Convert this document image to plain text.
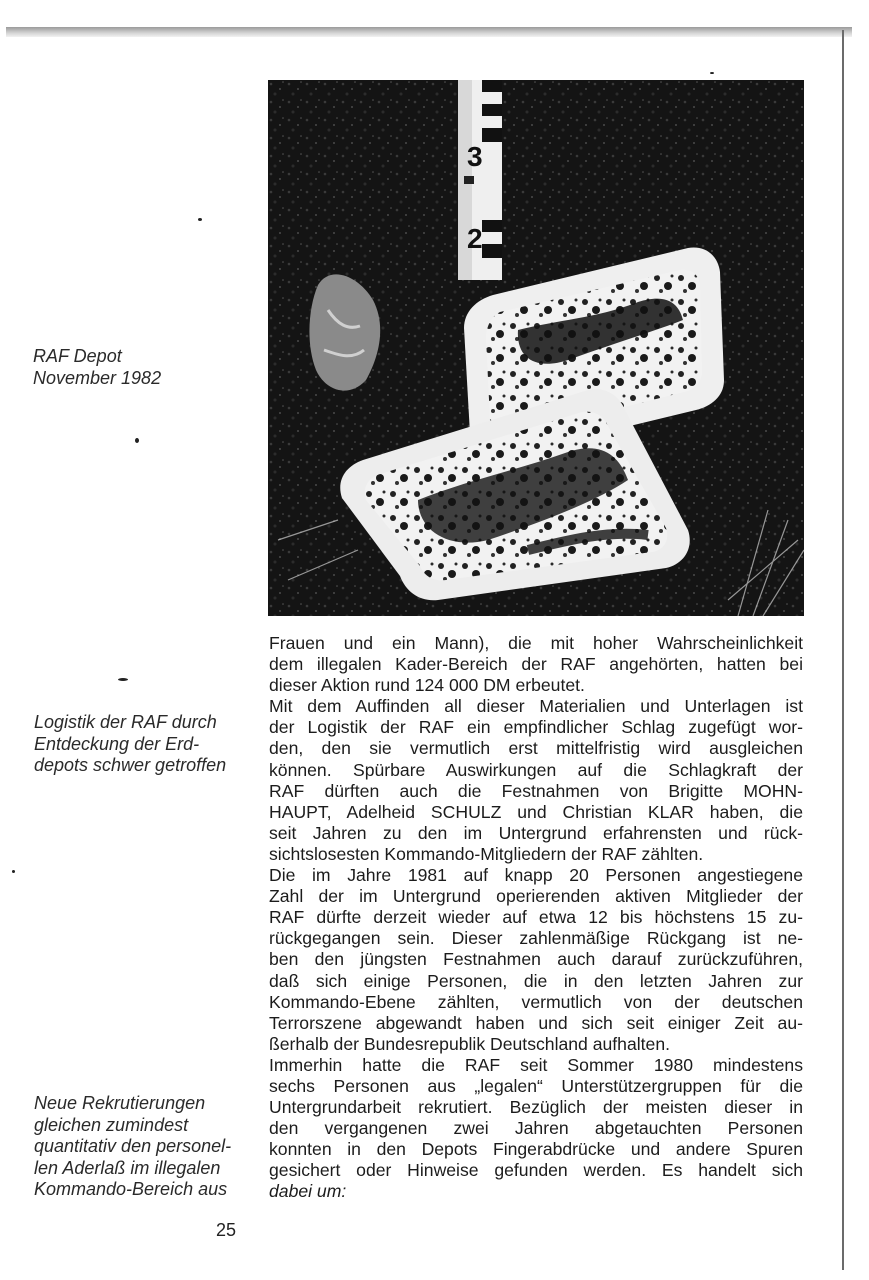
3
2
RAF Depot
November 1982
Logistik der RAF durch
Entdeckung der Erd-
depots schwer getroffen
Neue Rekrutierungen
gleichen zumindest
quantitativ den personel-
len Aderlaß im illegalen
Kommando-Bereich aus
Frauen und ein Mann), die mit hoher Wahrscheinlichkeit
dem illegalen Kader-Bereich der RAF angehörten, hatten bei
dieser Aktion rund 124 000 DM erbeutet.
Mit dem Auffinden all dieser Materialien und Unterlagen ist
der Logistik der RAF ein empfindlicher Schlag zugefügt wor-
den, den sie vermutlich erst mittelfristig wird ausgleichen
können. Spürbare Auswirkungen auf die Schlagkraft der
RAF dürften auch die Festnahmen von Brigitte MOHN-
HAUPT, Adelheid SCHULZ und Christian KLAR haben, die
seit Jahren zu den im Untergrund erfahrensten und rück-
sichtslosesten Kommando-Mitgliedern der RAF zählten.
Die im Jahre 1981 auf knapp 20 Personen angestiegene
Zahl der im Untergrund operierenden aktiven Mitglieder der
RAF dürfte derzeit wieder auf etwa 12 bis höchstens 15 zu-
rückgegangen sein. Dieser zahlenmäßige Rückgang ist ne-
ben den jüngsten Festnahmen auch darauf zurückzuführen,
daß sich einige Personen, die in den letzten Jahren zur
Kommando-Ebene zählten, vermutlich von der deutschen
Terrorszene abgewandt haben und sich seit einiger Zeit au-
ßerhalb der Bundesrepublik Deutschland aufhalten.
Immerhin hatte die RAF seit Sommer 1980 mindestens
sechs Personen aus „legalen“ Unterstützergruppen für die
Untergrundarbeit rekrutiert. Bezüglich der meisten dieser in
den vergangenen zwei Jahren abgetauchten Personen
konnten in den Depots Fingerabdrücke und andere Spuren
gesichert oder Hinweise gefunden werden. Es handelt sich
dabei um:
25
